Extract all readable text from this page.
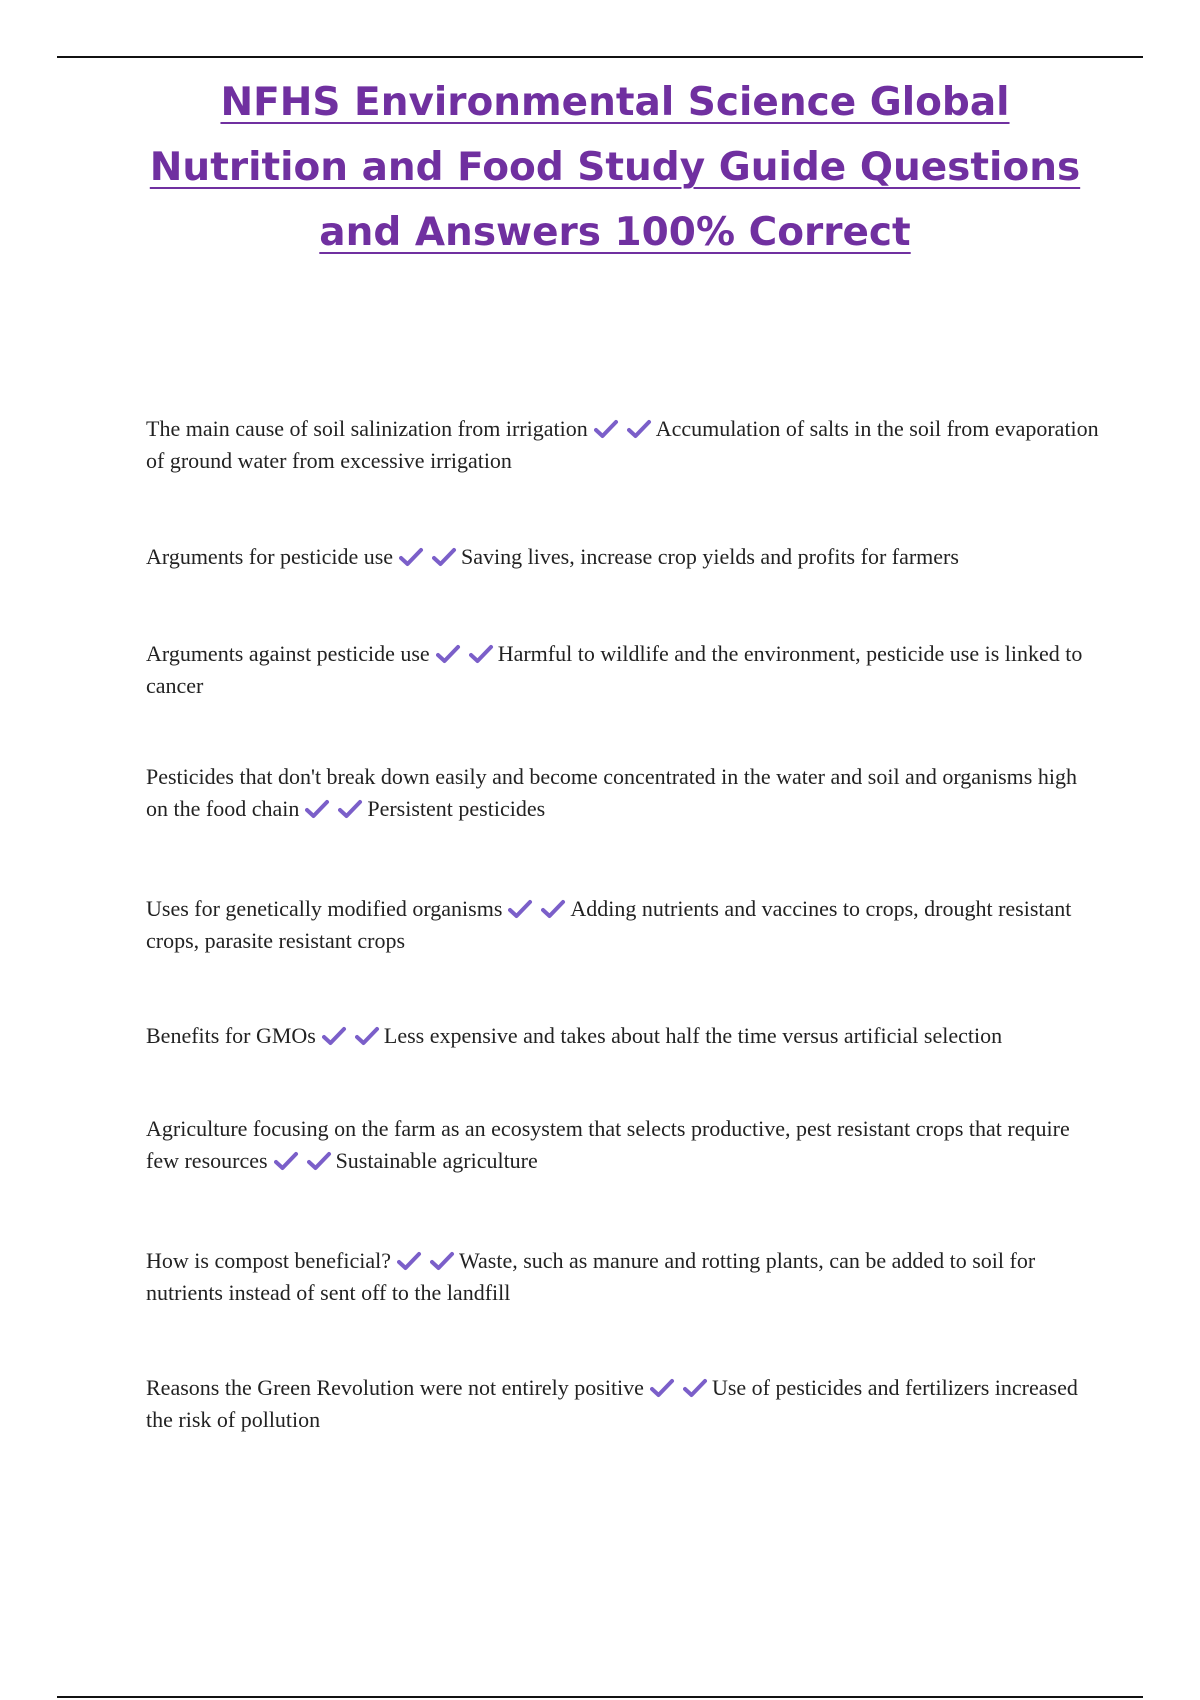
NFHS Environmental Science Global Nutrition and Food Study Guide Questions and Answers 100% Correct

The main cause of soil salinization from irrigation	Accumulation of salts in the soil from evaporation of ground water from excessive irrigation

Arguments for pesticide use	Saving lives, increase crop yields and profits for farmers

Arguments against pesticide use	Harmful to wildlife and the environment, pesticide use is linked to cancer

Pesticides that don't break down easily and become concentrated in the water and soil and organisms high on the food chain	Persistent pesticides

Uses for genetically modified organisms	Adding nutrients and vaccines to crops, drought resistant crops, parasite resistant crops

Benefits for GMOs	Less expensive and takes about half the time versus artificial selection

Agriculture focusing on the farm as an ecosystem that selects productive, pest resistant crops that require few resources	Sustainable agriculture

How is compost beneficial?	Waste, such as manure and rotting plants, can be added to soil for nutrients instead of sent off to the landfill

Reasons the Green Revolution were not entirely positive	Use of pesticides and fertilizers increased the risk of pollution
